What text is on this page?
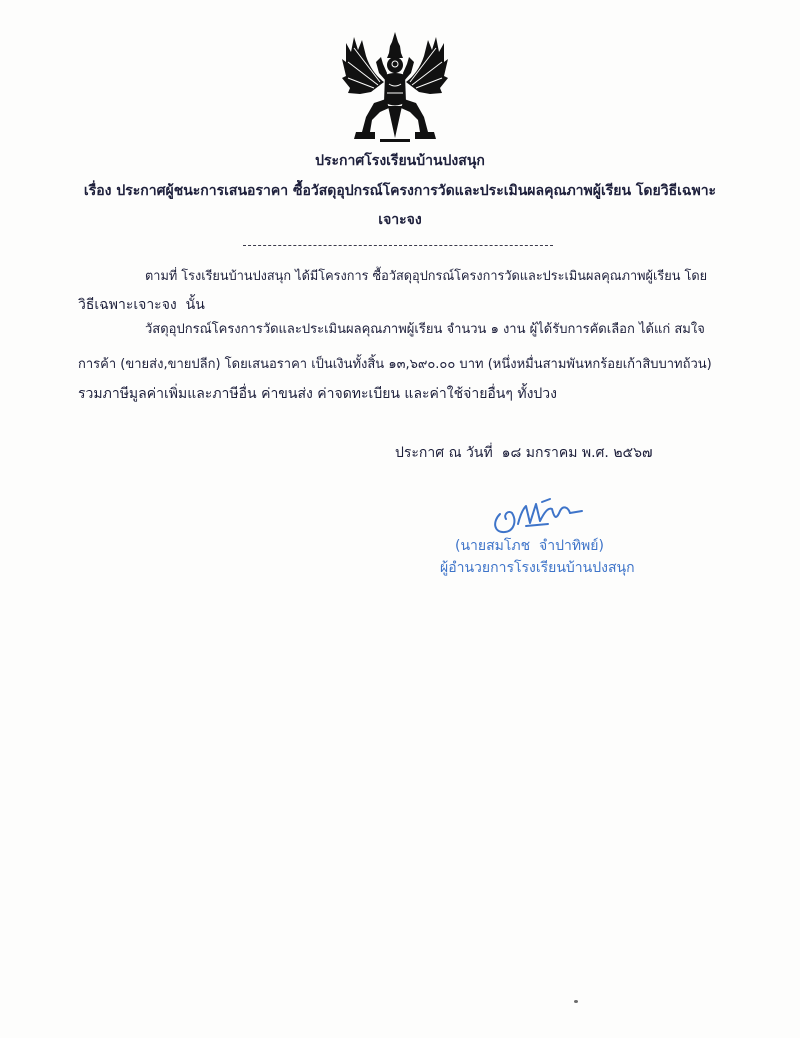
ประกาศโรงเรียนบ้านปงสนุก
เรื่อง ประกาศผู้ชนะการเสนอราคา ซื้อวัสดุอุปกรณ์โครงการวัดและประเมินผลคุณภาพผู้เรียน โดยวิธีเฉพาะ
เจาะจง
ตามที่ โรงเรียนบ้านปงสนุก ได้มีโครงการ ซื้อวัสดุอุปกรณ์โครงการวัดและประเมินผลคุณภาพผู้เรียน โดย
วิธีเฉพาะเจาะจง  นั้น
วัสดุอุปกรณ์โครงการวัดและประเมินผลคุณภาพผู้เรียน จำนวน ๑ งาน ผู้ได้รับการคัดเลือก ได้แก่ สมใจ
การค้า (ขายส่ง,ขายปลีก) โดยเสนอราคา เป็นเงินทั้งสิ้น ๑๓,๖๙๐.๐๐ บาท (หนึ่งหมื่นสามพันหกร้อยเก้าสิบบาทถ้วน)
รวมภาษีมูลค่าเพิ่มและภาษีอื่น ค่าขนส่ง ค่าจดทะเบียน และค่าใช้จ่ายอื่นๆ ทั้งปวง
ประกาศ ณ วันที่  ๑๘ มกราคม พ.ศ. ๒๕๖๗
(นายสมโภช  จำปาทิพย์)
ผู้อำนวยการโรงเรียนบ้านปงสนุก
